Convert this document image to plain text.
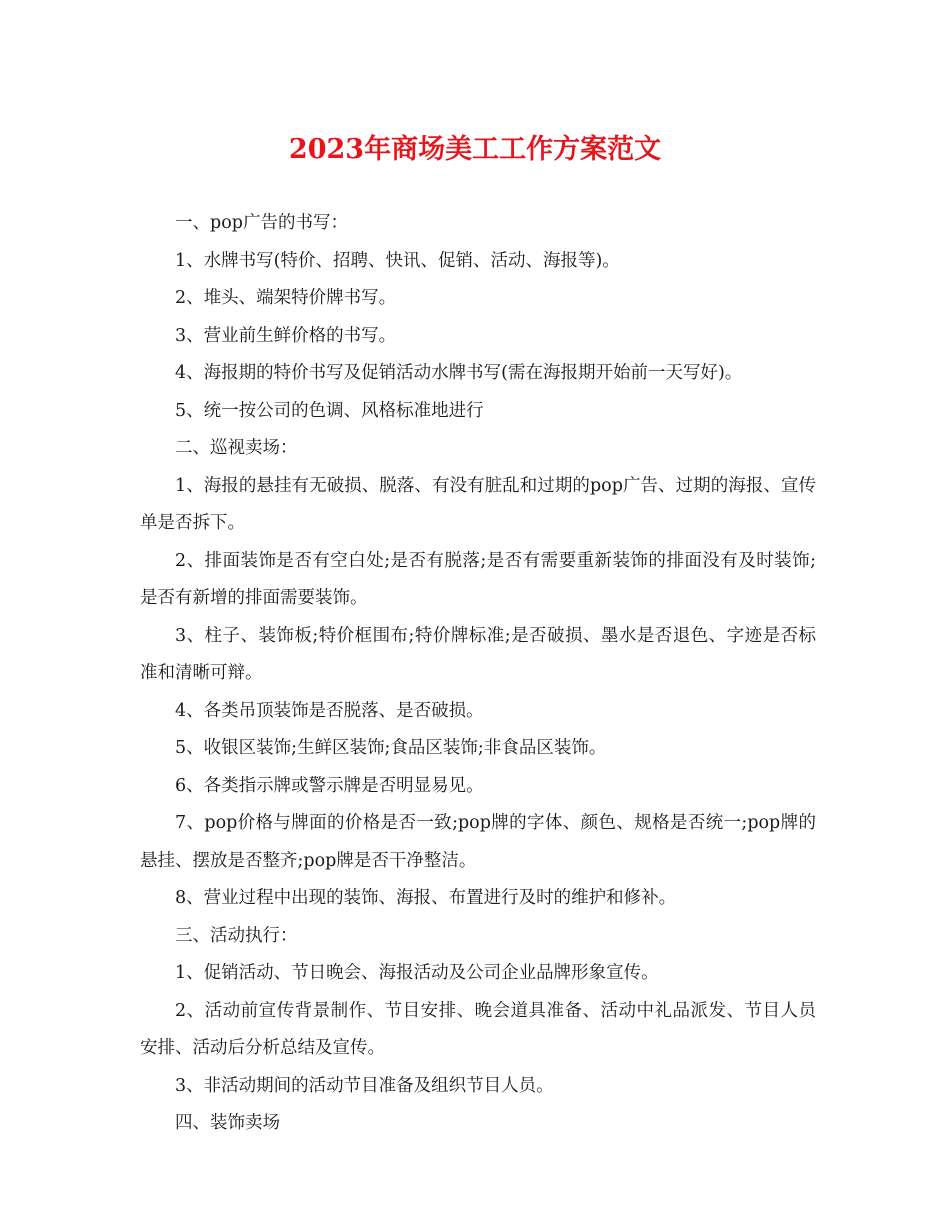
2023年商场美工工作方案范文

一、pop广告的书写：

1、水牌书写(特价、招聘、快讯、促销、活动、海报等)。

2、堆头、端架特价牌书写。

3、营业前生鲜价格的书写。

4、海报期的特价书写及促销活动水牌书写(需在海报期开始前一天写好)。

5、统一按公司的色调、风格标准地进行

二、巡视卖场：

1、海报的悬挂有无破损、脱落、有没有脏乱和过期的pop广告、过期的海报、宣传单是否拆下。

2、排面装饰是否有空白处;是否有脱落;是否有需要重新装饰的排面没有及时装饰;是否有新增的排面需要装饰。

3、柱子、装饰板;特价框围布;特价牌标准;是否破损、墨水是否退色、字迹是否标准和清晰可辩。

4、各类吊顶装饰是否脱落、是否破损。

5、收银区装饰;生鲜区装饰;食品区装饰;非食品区装饰。

6、各类指示牌或警示牌是否明显易见。

7、pop价格与牌面的价格是否一致;pop牌的字体、颜色、规格是否统一;pop牌的悬挂、摆放是否整齐;pop牌是否干净整洁。

8、营业过程中出现的装饰、海报、布置进行及时的维护和修补。

三、活动执行：

1、促销活动、节日晚会、海报活动及公司企业品牌形象宣传。

2、活动前宣传背景制作、节目安排、晚会道具准备、活动中礼品派发、节目人员安排、活动后分析总结及宣传。

3、非活动期间的活动节目准备及组织节目人员。

四、装饰卖场
